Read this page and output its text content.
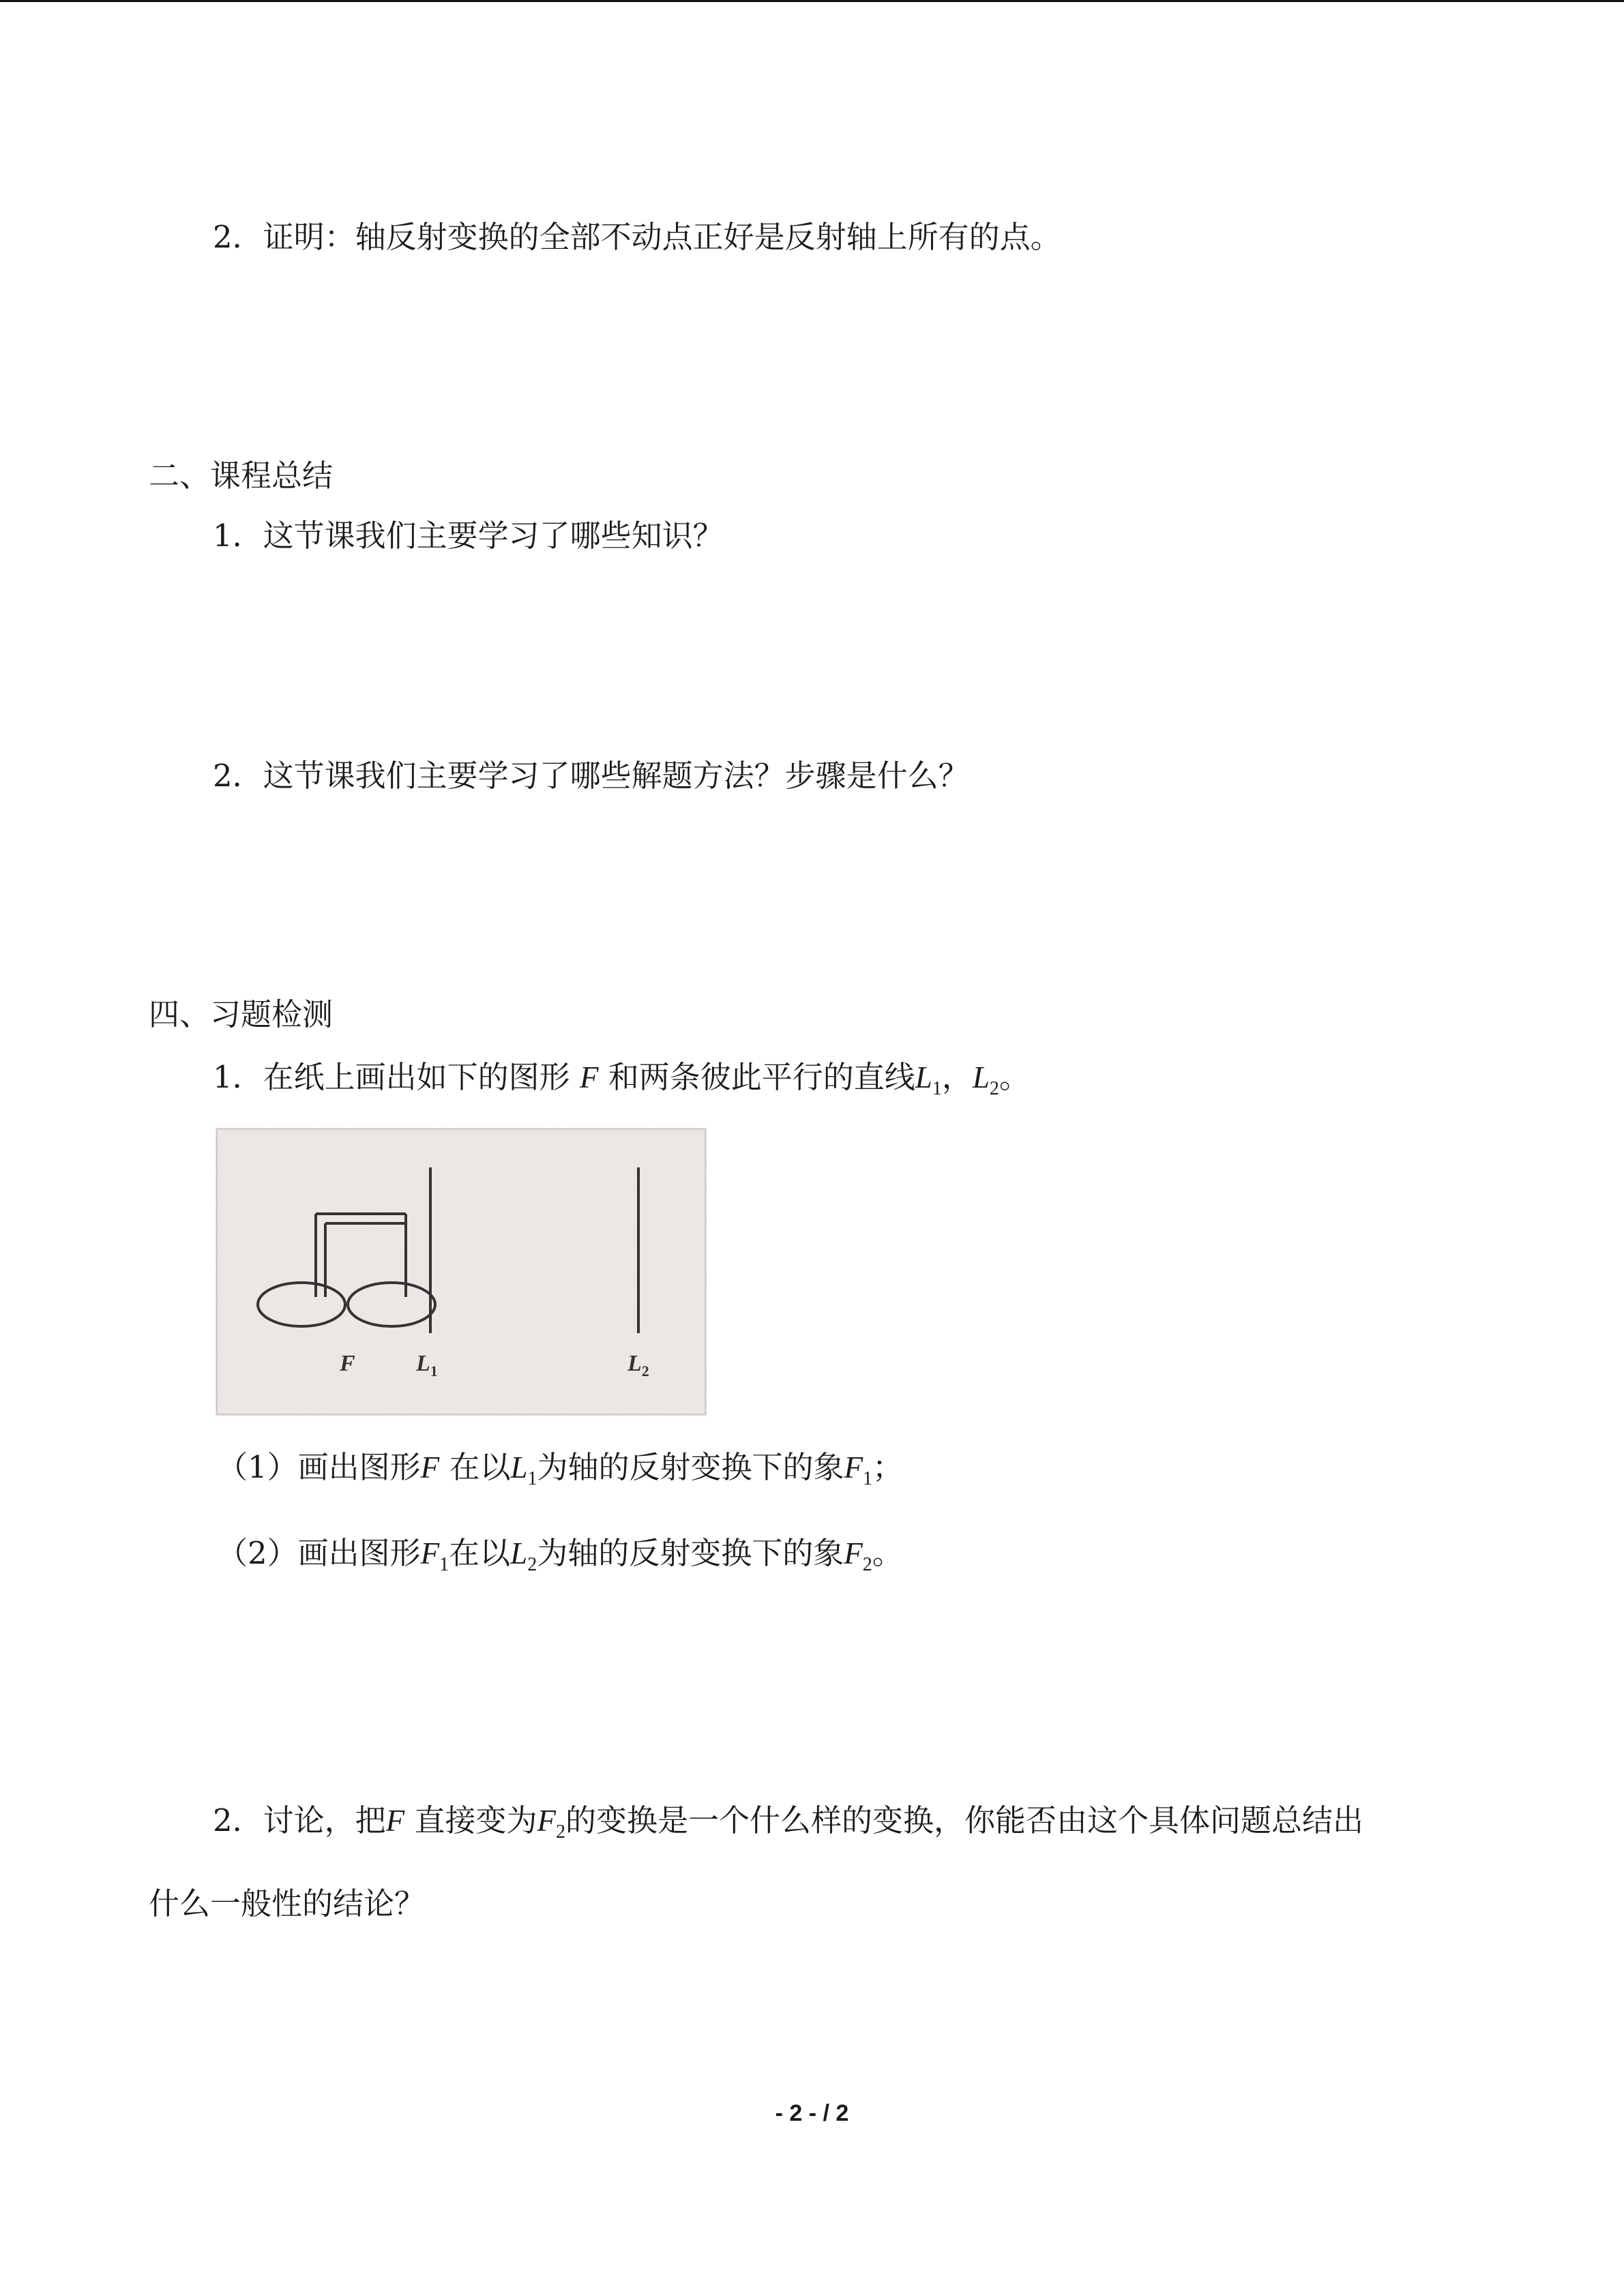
2．证明：轴反射变换的全部不动点正好是反射轴上所有的点。
二、课程总结
1．这节课我们主要学习了哪些知识？
2．这节课我们主要学习了哪些解题方法？步骤是什么？
四、习题检测
1．在纸上画出如下的图形 F 和两条彼此平行的直线$L_1$，$L_2$。
F	$L_1$	$L_2$
（1）画出图形F 在以$L_1$为轴的反射变换下的象$F_1$；
（2）画出图形$F_1$在以$L_2$为轴的反射变换下的象$F_2$。
2．讨论，把F 直接变为$F_2$的变换是一个什么样的变换，你能否由这个具体问题总结出
什么一般性的结论？
- 2 - / 2
